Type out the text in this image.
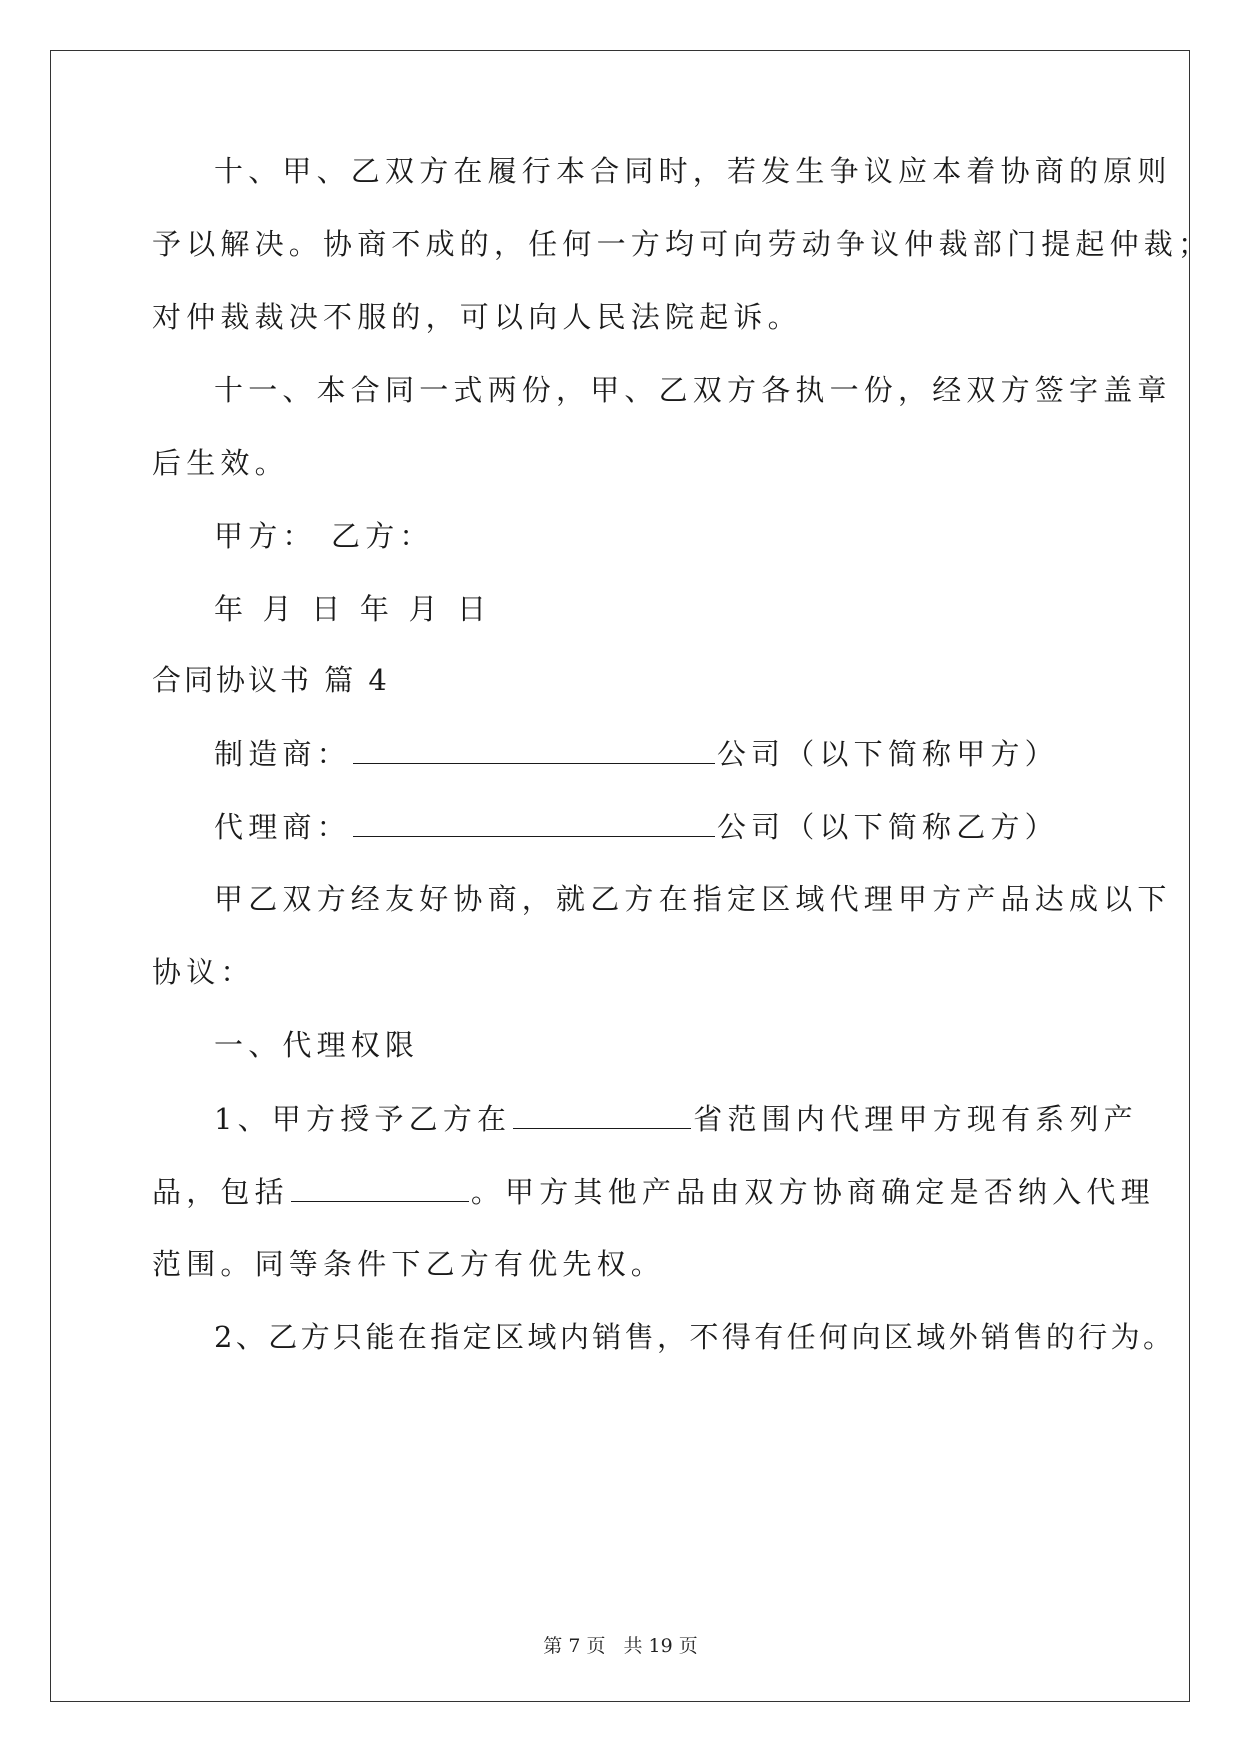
十、甲、乙双方在履行本合同时，若发生争议应本着协商的原则
予以解决。协商不成的，任何一方均可向劳动争议仲裁部门提起仲裁；
对仲裁裁决不服的，可以向人民法院起诉。
十一、本合同一式两份，甲、乙双方各执一份，经双方签字盖章
后生效。
甲方： 乙方：
年 月 日 年 月 日
合同协议书 篇 4
制造商：	公司（以下简称甲方）
代理商：	公司（以下简称乙方）
甲乙双方经友好协商，就乙方在指定区域代理甲方产品达成以下
协议：
一、代理权限
1、甲方授予乙方在	省范围内代理甲方现有系列产
品，包括	。甲方其他产品由双方协商确定是否纳入代理
范围。同等条件下乙方有优先权。
2、乙方只能在指定区域内销售，不得有任何向区域外销售的行为。
第 7 页 共 19 页
